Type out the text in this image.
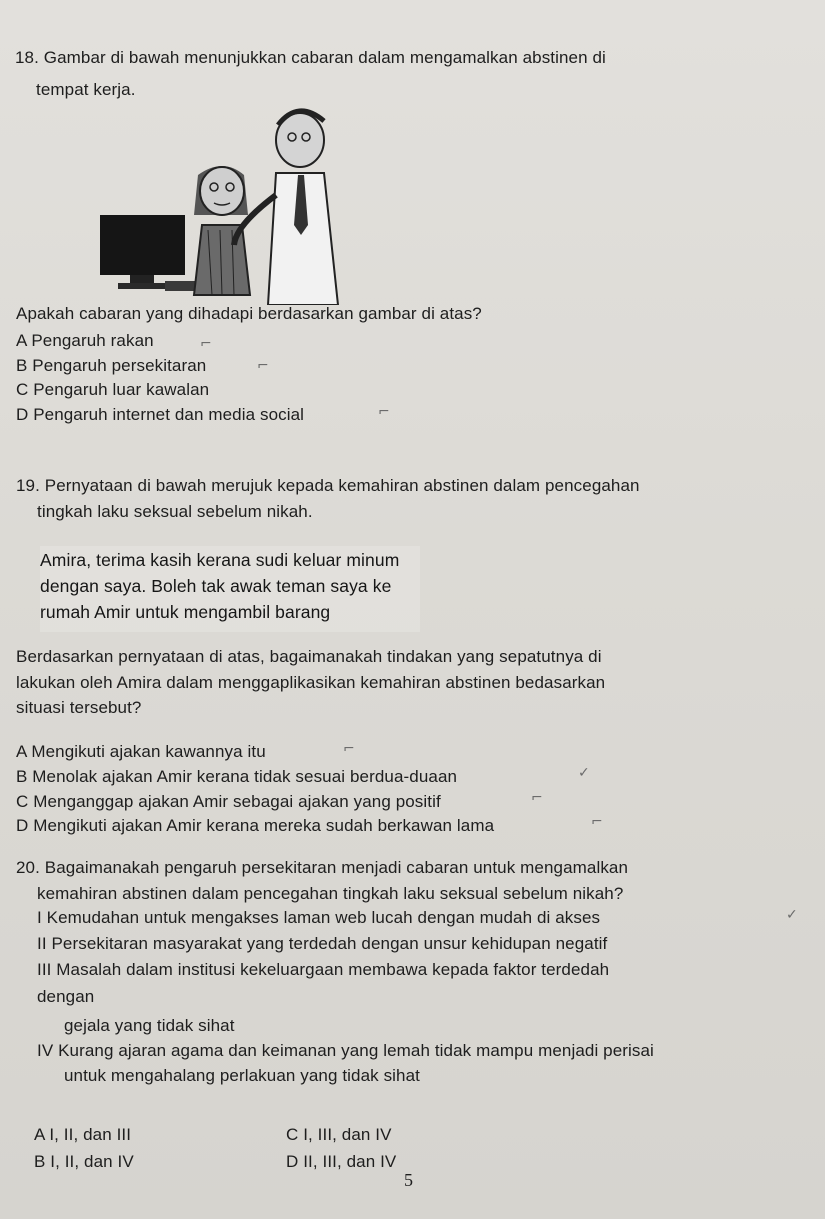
18. Gambar di bawah menunjukkan cabaran dalam mengamalkan abstinen di
tempat kerja.
Apakah cabaran yang dihadapi berdasarkan gambar di atas?
A Pengaruh rakan
B Pengaruh persekitaran
C Pengaruh luar kawalan
D Pengaruh internet dan media social
⌐
⌐
⌐
19. Pernyataan di bawah merujuk kepada kemahiran abstinen dalam pencegahan
tingkah laku seksual sebelum nikah.
Amira, terima kasih kerana sudi keluar minum
dengan saya. Boleh tak awak teman saya ke
rumah Amir untuk mengambil barang
Berdasarkan pernyataan di atas, bagaimanakah tindakan yang sepatutnya di
lakukan oleh Amira dalam menggaplikasikan kemahiran abstinen bedasarkan
situasi tersebut?
A Mengikuti ajakan kawannya itu
B Menolak ajakan Amir kerana tidak sesuai berdua-duaan
C Menganggap ajakan Amir sebagai ajakan yang positif
D Mengikuti ajakan Amir kerana mereka sudah berkawan lama
⌐
✓
⌐
⌐
20. Bagaimanakah pengaruh persekitaran menjadi cabaran untuk mengamalkan
kemahiran abstinen dalam pencegahan tingkah laku seksual sebelum nikah?
I Kemudahan untuk mengakses laman web lucah dengan mudah di akses
II Persekitaran masyarakat yang terdedah dengan unsur kehidupan negatif
III Masalah dalam institusi kekeluargaan membawa kepada faktor terdedah
dengan
gejala yang tidak sihat
IV Kurang ajaran agama dan keimanan yang lemah tidak mampu menjadi perisai
untuk mengahalang perlakuan yang tidak sihat
✓
A I, II, dan III
B I, II, dan IV
C I, III, dan IV
D II, III, dan IV
5
